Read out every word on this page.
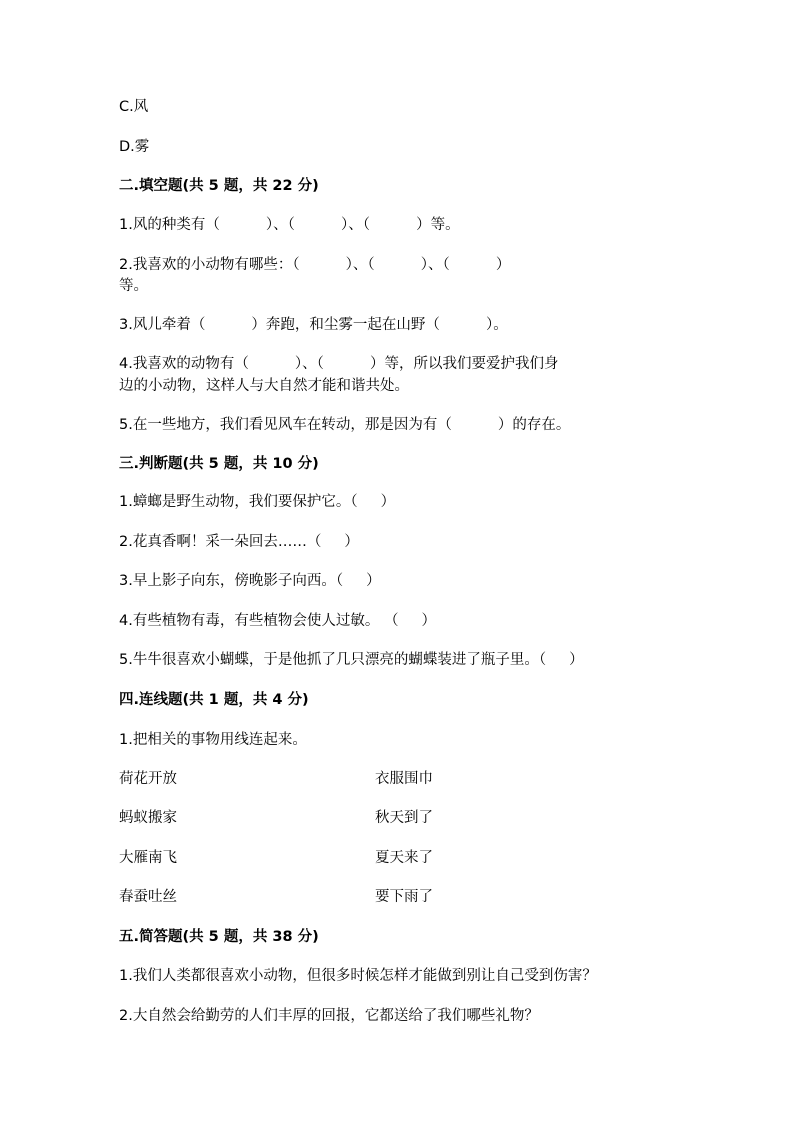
C.风
D.雾
二.填空题(共 5 题，共 22 分)
1.风的种类有（          ）、（          ）、（          ）等。
2.我喜欢的小动物有哪些：（          ）、（          ）、（          ）
等。
3.风儿牵着（          ）奔跑，和尘雾一起在山野（          ）。
4.我喜欢的动物有（          ）、（          ）等，所以我们要爱护我们身
边的小动物，这样人与大自然才能和谐共处。
5.在一些地方，我们看见风车在转动，那是因为有（          ）的存在。
三.判断题(共 5 题，共 10 分)
1.蟑螂是野生动物，我们要保护它。（     ）
2.花真香啊！采一朵回去……（     ）
3.早上影子向东，傍晚影子向西。（     ）
4.有些植物有毒，有些植物会使人过敏。 （     ）
5.牛牛很喜欢小蝴蝶，于是他抓了几只漂亮的蝴蝶装进了瓶子里。（     ）
四.连线题(共 1 题，共 4 分)
1.把相关的事物用线连起来。
荷花开放	衣服围巾
蚂蚁搬家	秋天到了
大雁南飞	夏天来了
春蚕吐丝	要下雨了
五.简答题(共 5 题，共 38 分)
1.我们人类都很喜欢小动物，但很多时候怎样才能做到别让自己受到伤害？
2.大自然会给勤劳的人们丰厚的回报，它都送给了我们哪些礼物？
